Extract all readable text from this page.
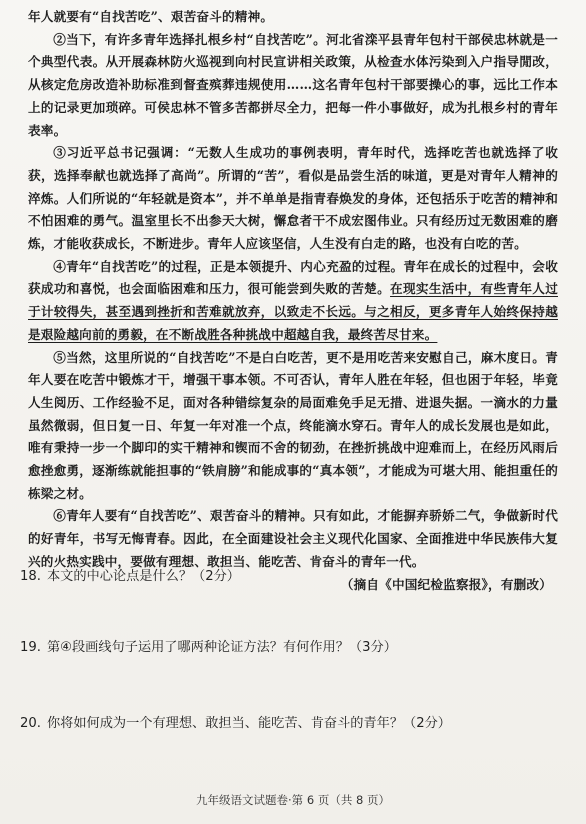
年人就要有“自找苦吃”、艰苦奋斗的精神。

②当下，有许多青年选择扎根乡村“自找苦吃”。河北省滦平县青年包村干部侯忠林就是一个典型代表。从开展森林防火巡视到向村民宣讲相关政策，从检查水体污染到入户指导閒改，从核定危房改造补助标准到督查殡葬违规使用……这名青年包村干部要操心的事，远比工作本上的记录更加琐碎。可侯忠林不管多苦都拼尽全力，把每一件小事做好，成为扎根乡村的青年表率。

③习近平总书记强调：“无数人生成功的事例表明，青年时代，选择吃苦也就选择了收获，选择奉献也就选择了高尚”。所谓的“苦”，看似是品尝生活的味道，更是对青年人精神的淬炼。人们所说的“年轻就是资本”，并不单单是指青春焕发的身体，还包括乐于吃苦的精神和不怕困难的勇气。温室里长不出参天大树，懈怠者干不成宏图伟业。只有经历过无数困难的磨炼，才能收获成长，不断进步。青年人应该坚信，人生没有白走的路，也没有白吃的苦。

④青年“自找苦吃”的过程，正是本领提升、内心充盈的过程。青年在成长的过程中，会收获成功和喜悦，也会面临困难和压力，很可能尝到失败的苦楚。在现实生活中，有些青年人过于计较得失，甚至遇到挫折和苦难就放弃，以致走不长远。与之相反，更多青年人始终保持越是艰险越向前的勇毅，在不断战胜各种挑战中超越自我，最终苦尽甘来。

⑤当然，这里所说的“自找苦吃”不是白白吃苦，更不是用吃苦来安慰自己，麻木度日。青年人要在吃苦中锻炼才干，增强干事本领。不可否认，青年人胜在年轻，但也困于年轻，毕竟人生阅历、工作经验不足，面对各种错综复杂的局面难免手足无措、进退失据。一滴水的力量虽然微弱，但日复一日、年复一年对准一个点，终能滴水穿石。青年人的成长发展也是如此，唯有秉持一步一个脚印的实干精神和锲而不舍的韧劲，在挫折挑战中迎难而上，在经历风雨后愈挫愈勇，逐渐练就能担事的“铁肩膀”和能成事的“真本领”，才能成为可堪大用、能担重任的栋梁之材。

⑥青年人要有“自找苦吃”、艰苦奋斗的精神。只有如此，才能摒弃骄娇二气，争做新时代的好青年，书写无悔青春。因此，在全面建设社会主义现代化国家、全面推进中华民族伟大复兴的火热实践中，要做有理想、敢担当、能吃苦、肯奋斗的青年一代。

（摘自《中国纪检监察报》，有删改）

18. 本文的中心论点是什么？（2分）
19. 第④段画线句子运用了哪两种论证方法？有何作用？（3分）
20. 你将如何成为一个有理想、敢担当、能吃苦、肯奋斗的青年？（2分）
九年级语文试题卷·第 6 页（共 8 页）
